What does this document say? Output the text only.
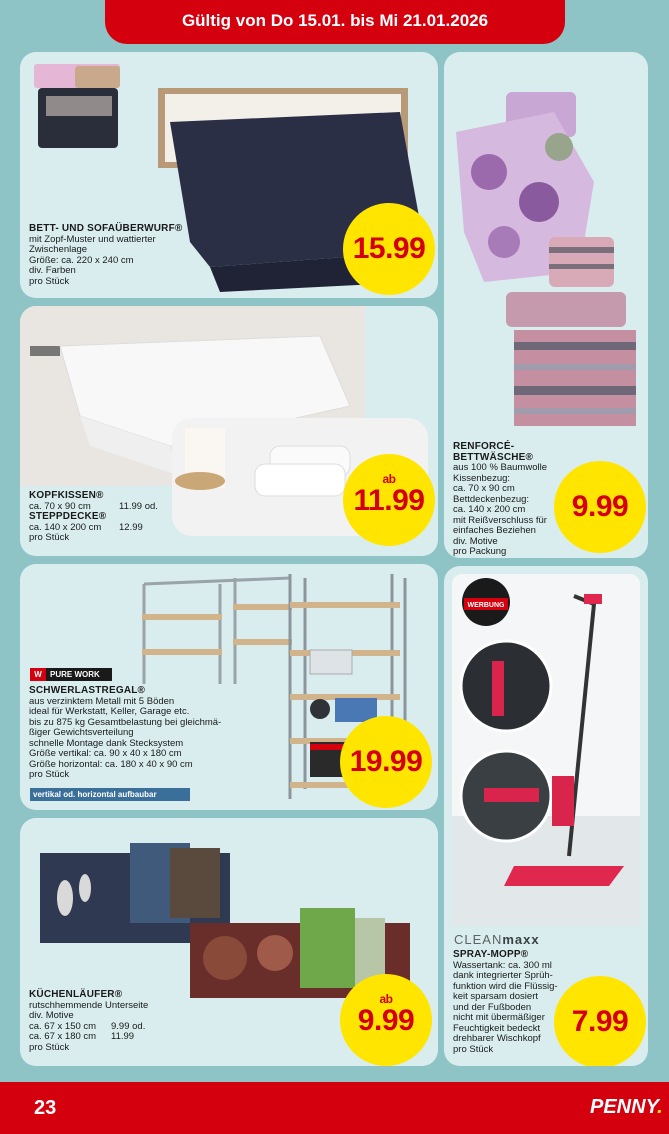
Gültig von Do 15.01. bis Mi 21.01.2026
BETT- UND SOFAÜBERWURF®
mit Zopf-Muster und wattierter
Zwischenlage
Größe: ca. 220 x 240 cm
div. Farben
pro Stück
15.99
RENFORCÉ-BETTWÄSCHE®
aus 100 % Baumwolle
Kissenbezug:
ca. 70 x 90 cm
Bettdeckenbezug:
ca. 140 x 200 cm
mit Reißverschluss für
einfaches Beziehen
div. Motive
pro Packung
9.99
KOPFKISSEN®
ca. 70 x 90 cm	11.99 od.
STEPPDECKE®
ca. 140 x 200 cm 12.99
pro Stück
ab
11.99
W	PURE WORK
SCHWERLASTREGAL®
aus verzinktem Metall mit 5 Böden
ideal für Werkstatt, Keller, Garage etc.
bis zu 875 kg Gesamtbelastung bei gleichmä-
ßiger Gewichtsverteilung
schnelle Montage dank Stecksystem
Größe vertikal: ca. 90 x 40 x 180 cm
Größe horizontal: ca. 180 x 40 x 90 cm
pro Stück
vertikal od. horizontal aufbaubar
19.99
KÜCHENLÄUFER®
rutschhemmende Unterseite
div. Motive
ca. 67 x 150 cm 9.99 od.
ca. 67 x 180 cm 11.99
pro Stück
ab
9.99
WERBUNG
CLEANmaxx
SPRAY-MOPP®
Wassertank: ca. 300 ml
dank integrierter Sprüh-
funktion wird die Flüssig-
keit sparsam dosiert
und der Fußboden
nicht mit übermäßiger
Feuchtigkeit bedeckt
drehbarer Wischkopf
pro Stück
7.99
23	PENNY.
